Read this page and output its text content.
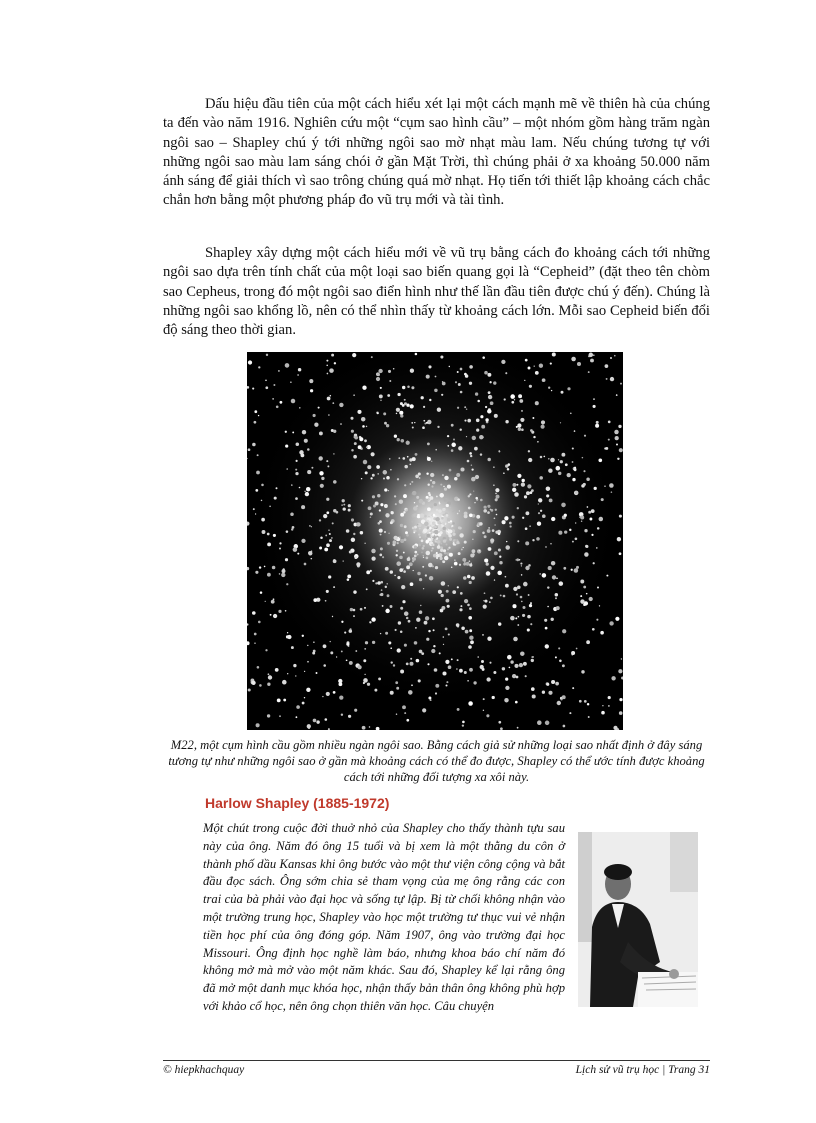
Dấu hiệu đầu tiên của một cách hiểu xét lại một cách mạnh mẽ về thiên hà của chúng ta đến vào năm 1916. Nghiên cứu một “cụm sao hình cầu” – một nhóm gồm hàng trăm ngàn ngôi sao – Shapley chú ý tới những ngôi sao mờ nhạt màu lam. Nếu chúng tương tự với những ngôi sao màu lam sáng chói ở gần Mặt Trời, thì chúng phải ở xa khoảng 50.000 năm ánh sáng để giải thích vì sao trông chúng quá mờ nhạt. Họ tiến tới thiết lập khoảng cách chắc chắn hơn bằng một phương pháp đo vũ trụ mới và tài tình.

Shapley xây dựng một cách hiểu mới về vũ trụ bằng cách đo khoảng cách tới những ngôi sao dựa trên tính chất của một loại sao biến quang gọi là “Cepheid” (đặt theo tên chòm sao Cepheus, trong đó một ngôi sao điển hình như thế lần đầu tiên được chú ý đến). Chúng là những ngôi sao khổng lồ, nên có thể nhìn thấy từ khoảng cách lớn. Mỗi sao Cepheid biến đổi độ sáng theo thời gian.

M22, một cụm hình cầu gồm nhiều ngàn ngôi sao. Bằng cách giả sử những loại sao nhất định ở đây sáng tương tự như những ngôi sao ở gần mà khoảng cách có thể đo được, Shapley có thể ước tính được khoảng cách tới những đối tượng xa xôi này.

Harlow Shapley (1885-1972)

Một chút trong cuộc đời thuở nhỏ của Shapley cho thấy thành tựu sau này của ông. Năm đó ông 15 tuổi và bị xem là một thằng du côn ở thành phố dầu Kansas khi ông bước vào một thư viện công cộng và bắt đầu đọc sách. Ông sớm chia sẻ tham vọng của mẹ ông rằng các con trai của bà phải vào đại học và sống tự lập. Bị từ chối không nhận vào một trường trung học, Shapley vào học một trường tư thục vui vẻ nhận tiền học phí của ông đóng góp. Năm 1907, ông vào trường đại học Missouri. Ông định học nghề làm báo, nhưng khoa báo chí năm đó không mở mà mở vào một năm khác. Sau đó, Shapley kể lại rằng ông đã mở một danh mục khóa học, nhận thấy bản thân ông không phù hợp với khảo cổ học, nên ông chọn thiên văn học. Câu chuyện

© hiepkhachquay	Lịch sử vũ trụ học | Trang 31
